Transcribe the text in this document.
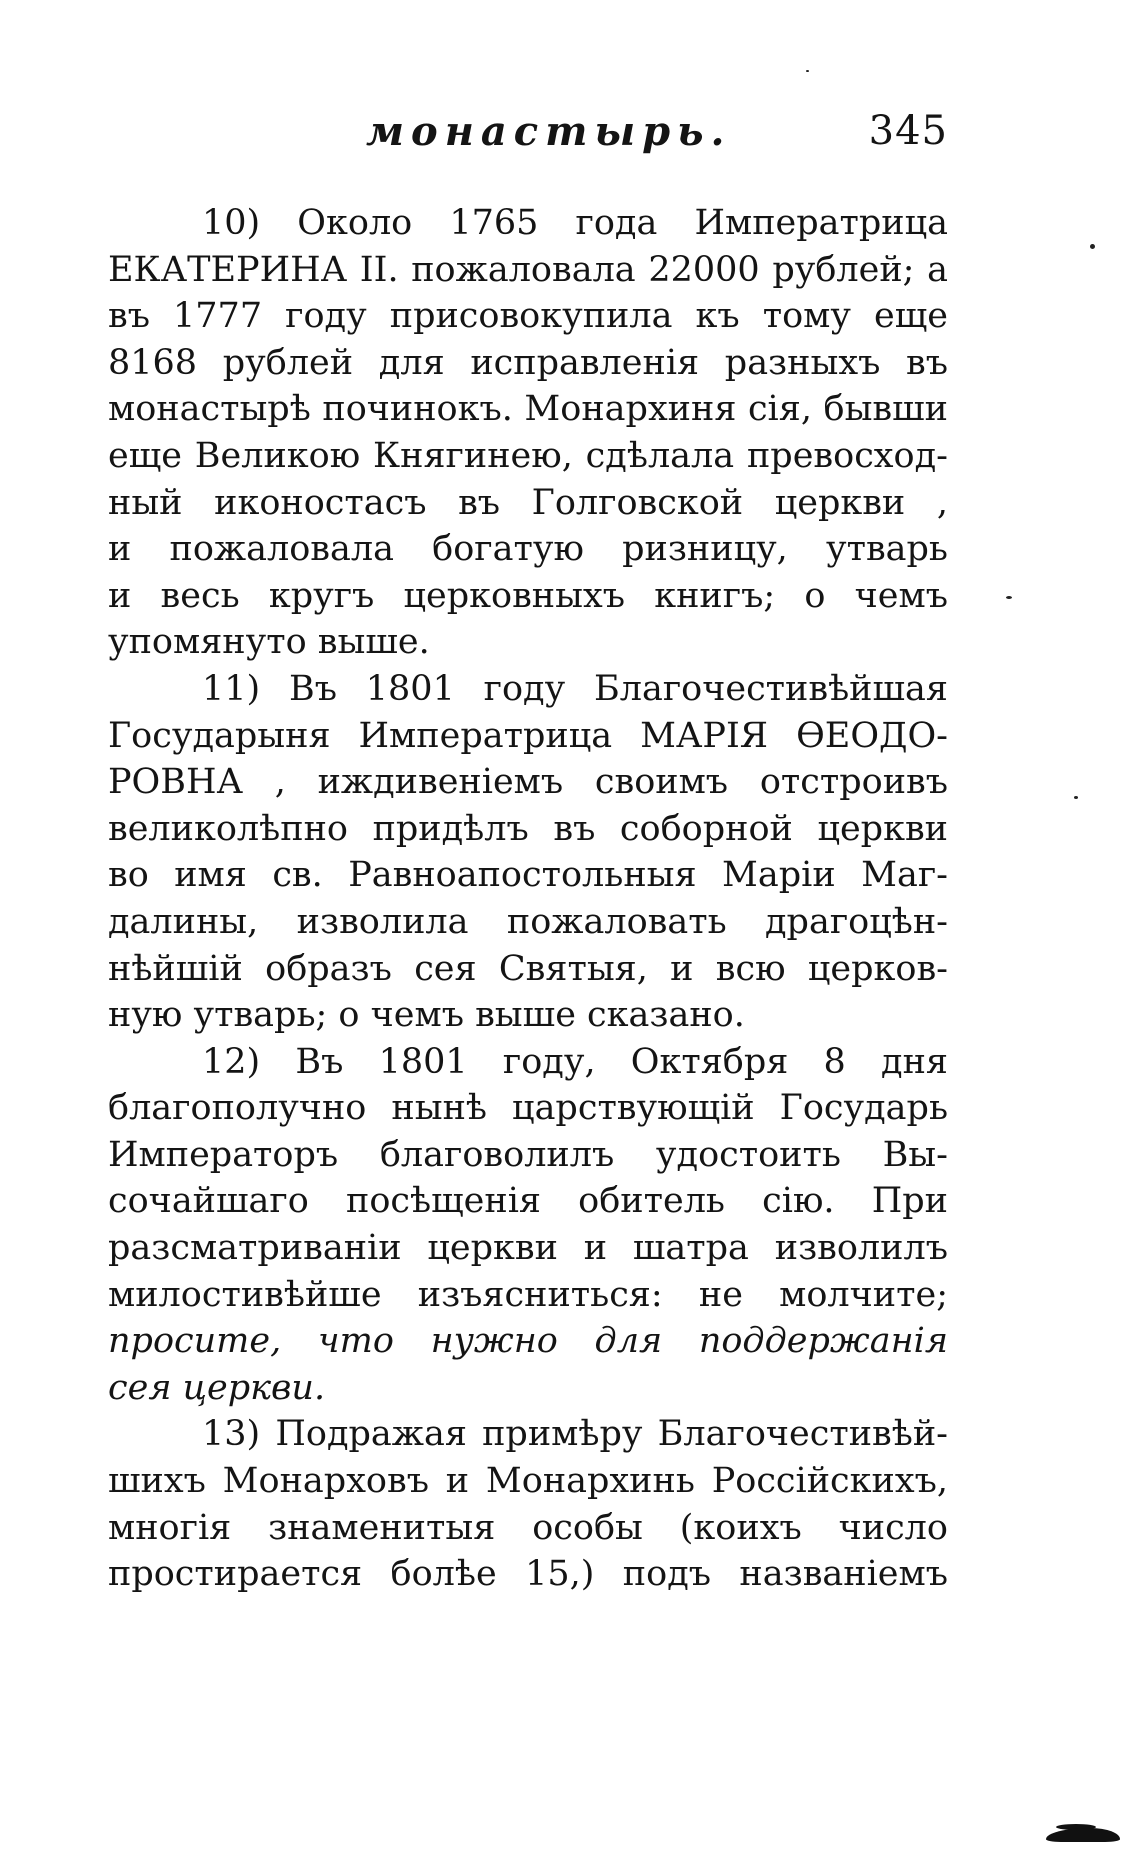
монастырь.	345
10) Около 1765 года Императрица
ЕКАТЕРИНА II. пожаловала 22000 рублей; а
въ 1777 году присовокупила къ тому еще
8168 рублей для исправленія разныхъ въ
монастырѣ починокъ. Монархиня сія, бывши
еще Великою Княгинею, сдѣлала превосход-
ный иконостасъ въ Голговской церкви ,
и пожаловала богатую ризницу, утварь
и весь кругъ церковныхъ книгъ; о чемъ
упомянуто выше.
11) Въ 1801 году Благочестивѣйшая
Государыня Императрица МАРІЯ ѲЕОДО-
РОВНА , иждивеніемъ своимъ отстроивъ
великолѣпно придѣлъ въ соборной церкви
во имя св. Равноапостольныя Маріи Маг-
далины, изволила пожаловать драгоцѣн-
нѣйшій образъ сея Святыя, и всю церков-
ную утварь; о чемъ выше сказано.
12) Въ 1801 году, Октября 8 дня
благополучно нынѣ царствующій Государь
Императоръ благоволилъ удостоить Вы-
сочайшаго посѣщенія обитель сію. При
разсматриваніи церкви и шатра изволилъ
милостивѣйше изъясниться: не молчите;
просите, что нужно для поддержанія
сея церкви.
13) Подражая примѣру Благочестивѣй-
шихъ Монарховъ и Монархинь Россійскихъ,
многія знаменитыя особы (коихъ число
простирается болѣе 15,) подъ названіемъ
